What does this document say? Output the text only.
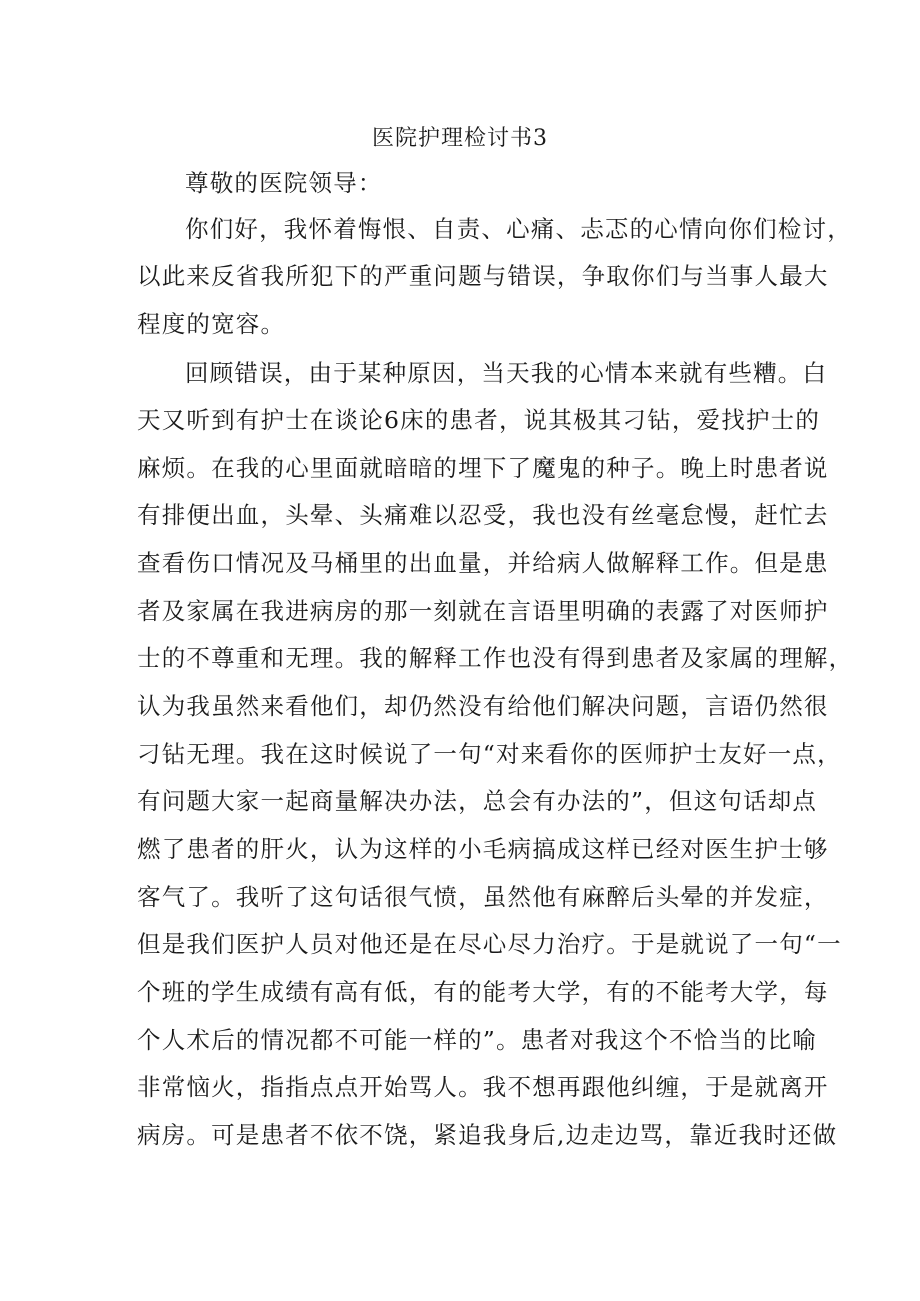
医院护理检讨书3
尊敬的医院领导：
你们好，我怀着悔恨、自责、心痛、忐忑的心情向你们检讨，
以此来反省我所犯下的严重问题与错误，争取你们与当事人最大
程度的宽容。
回顾错误，由于某种原因，当天我的心情本来就有些糟。白
天又听到有护士在谈论6床的患者，说其极其刁钻，爱找护士的
麻烦。在我的心里面就暗暗的埋下了魔鬼的种子。晚上时患者说
有排便出血，头晕、头痛难以忍受，我也没有丝毫怠慢，赶忙去
查看伤口情况及马桶里的出血量，并给病人做解释工作。但是患
者及家属在我进病房的那一刻就在言语里明确的表露了对医师护
士的不尊重和无理。我的解释工作也没有得到患者及家属的理解，
认为我虽然来看他们，却仍然没有给他们解决问题，言语仍然很
刁钻无理。我在这时候说了一句“对来看你的医师护士友好一点，
有问题大家一起商量解决办法，总会有办法的”，但这句话却点
燃了患者的肝火，认为这样的小毛病搞成这样已经对医生护士够
客气了。我听了这句话很气愤，虽然他有麻醉后头晕的并发症，
但是我们医护人员对他还是在尽心尽力治疗。于是就说了一句“一
个班的学生成绩有高有低，有的能考大学，有的不能考大学，每
个人术后的情况都不可能一样的”。患者对我这个不恰当的比喻
非常恼火，指指点点开始骂人。我不想再跟他纠缠，于是就离开
病房。可是患者不依不饶，紧追我身后,边走边骂，靠近我时还做
